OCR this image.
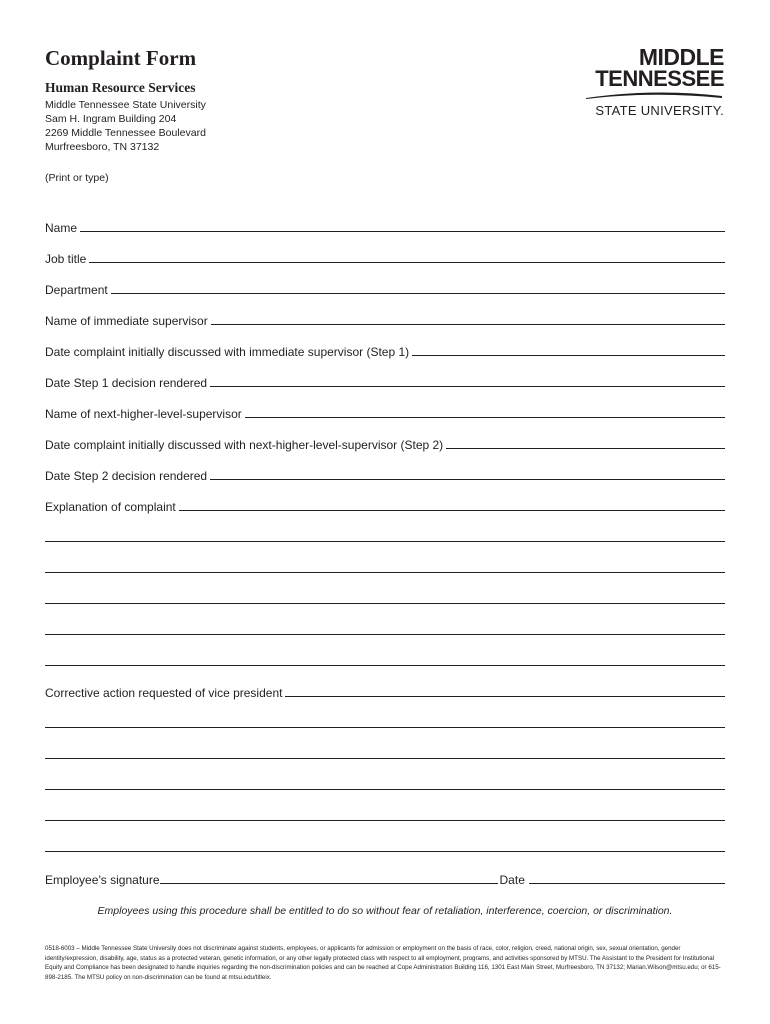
Complaint Form
Human Resource Services
Middle Tennessee State University
Sam H. Ingram Building 204
2269 Middle Tennessee Boulevard
Murfreesboro, TN 37132
MIDDLE
TENNESSEE
STATE UNIVERSITY.
(Print or type)
Name
Job title
Department
Name of immediate supervisor
Date complaint initially discussed with immediate supervisor (Step 1)
Date Step 1 decision rendered
Name of next-higher-level-supervisor
Date complaint initially discussed with next-higher-level-supervisor (Step 2)
Date Step 2 decision rendered
Explanation of complaint
Corrective action requested of vice president
Employee’s signature	Date
Employees using this procedure shall be entitled to do so without fear of retaliation, interference, coercion, or discrimination.
0518-6003 – Middle Tennessee State University does not discriminate against students, employees, or applicants for admission or employment on the basis of race, color, religion, creed, national origin, sex, sexual orientation, gender identity/expression, disability, age, status as a protected veteran, genetic information, or any other legally protected class with respect to all employment, programs, and activities sponsored by MTSU. The Assistant to the President for Institutional Equity and Compliance has been designated to handle inquiries regarding the non-discrimination policies and can be reached at Cope Administration Building 116, 1301 East Main Street, Murfreesboro, TN 37132; Marian.Wilson@mtsu.edu; or 615-898-2185. The MTSU policy on non-discrimination can be found at mtsu.edu/titleix.
